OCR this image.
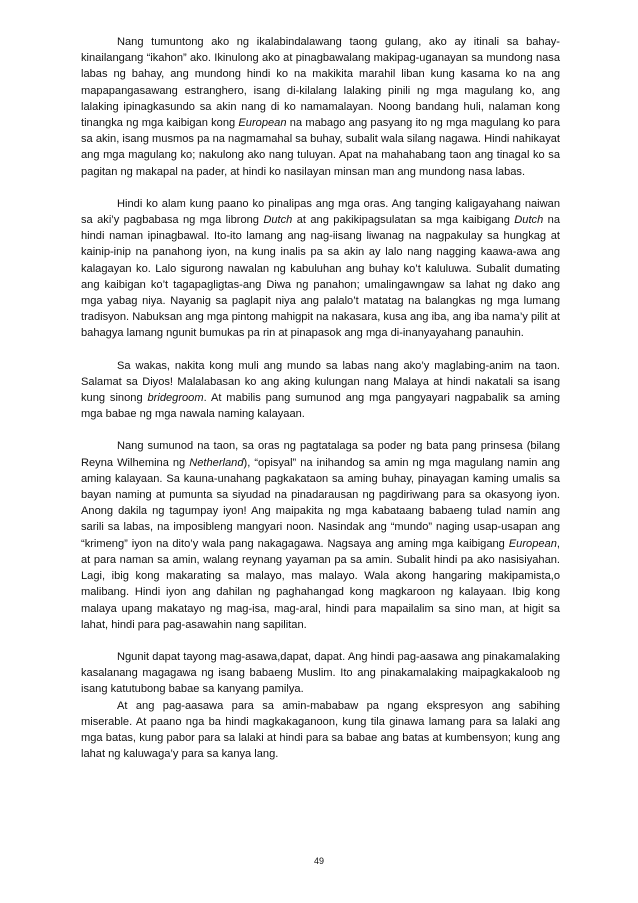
Nang tumuntong ako ng ikalabindalawang taong gulang, ako ay itinali sa bahay-kinailangang “ikahon” ako. Ikinulong ako at pinagbawalang makipag-uganayan sa mundong nasa labas ng bahay, ang mundong hindi ko na makikita marahil liban kung kasama ko na ang mapapangasawang estranghero, isang di-kilalang lalaking pinili ng mga magulang ko, ang lalaking ipinagkasundo sa akin nang di ko namamalayan. Noong bandang huli, nalaman kong tinangka ng mga kaibigan kong European na mabago ang pasyang ito ng mga magulang ko para sa akin, isang musmos pa na nagmamahal sa buhay, subalit wala silang nagawa. Hindi nahikayat ang mga magulang ko; nakulong ako nang tuluyan. Apat na mahahabang taon ang tinagal ko sa pagitan ng makapal na pader, at hindi ko nasilayan minsan man ang mundong nasa labas.

Hindi ko alam kung paano ko pinalipas ang mga oras. Ang tanging kaligayahang naiwan sa aki’y pagbabasa ng mga librong Dutch at ang pakikipagsulatan sa mga kaibigang Dutch na hindi naman ipinagbawal. Ito-ito lamang ang nag-iisang liwanag na nagpakulay sa hungkag at kainip-inip na panahong iyon, na kung inalis pa sa akin ay lalo nang nagging kaawa-awa ang kalagayan ko. Lalo sigurong nawalan ng kabuluhan ang buhay ko’t kaluluwa. Subalit dumating ang kaibigan ko’t tagapagligtas-ang Diwa ng panahon; umalingawngaw sa lahat ng dako ang mga yabag niya. Nayanig sa paglapit niya ang palalo’t matatag na balangkas ng mga lumang tradisyon. Nabuksan ang mga pintong mahigpit na nakasara, kusa ang iba, ang iba nama’y pilit at bahagya lamang ngunit bumukas pa rin at pinapasok ang mga di-inanyayahang panauhin.

Sa wakas, nakita kong muli ang mundo sa labas nang ako’y maglabing-anim na taon. Salamat sa Diyos! Malalabasan ko ang aking kulungan nang Malaya at hindi nakatali sa isang kung sinong bridegroom. At mabilis pang sumunod ang mga pangyayari nagpabalik sa aming mga babae ng mga nawala naming kalayaan.

Nang sumunod na taon, sa oras ng pagtatalaga sa poder ng bata pang prinsesa (bilang Reyna Wilhemina ng Netherland), “opisyal” na inihandog sa amin ng mga magulang namin ang aming kalayaan. Sa kauna-unahang pagkakataon sa aming buhay, pinayagan kaming umalis sa bayan naming at pumunta sa siyudad na pinadarausan ng pagdiriwang para sa okasyong iyon. Anong dakila ng tagumpay iyon! Ang maipakita ng mga kabataang babaeng tulad namin ang sarili sa labas, na imposibleng mangyari noon. Nasindak ang “mundo” naging usap-usapan ang “krimeng” iyon na dito’y wala pang nakagagawa. Nagsaya ang aming mga kaibigang European, at para naman sa amin, walang reynang yayaman pa sa amin. Subalit hindi pa ako nasisiyahan. Lagi, ibig kong makarating sa malayo, mas malayo. Wala akong hangaring makipamista,o malibang. Hindi iyon ang dahilan ng paghahangad kong magkaroon ng kalayaan. Ibig kong malaya upang makatayo ng mag-isa, mag-aral, hindi para mapailalim sa sino man, at higit sa lahat, hindi para pag-asawahin nang sapilitan.

Ngunit dapat tayong mag-asawa,dapat, dapat. Ang hindi pag-aasawa ang pinakamalaking kasalanang magagawa ng isang babaeng Muslim. Ito ang pinakamalaking maipagkakaloob ng isang katutubong babae sa kanyang pamilya.

At ang pag-aasawa para sa amin-mababaw pa ngang ekspresyon ang sabihing miserable. At paano nga ba hindi magkakaganoon, kung tila ginawa lamang para sa lalaki ang mga batas, kung pabor para sa lalaki at hindi para sa babae ang batas at kumbensyon; kung ang lahat ng kaluwaga’y para sa kanya lang.

49
